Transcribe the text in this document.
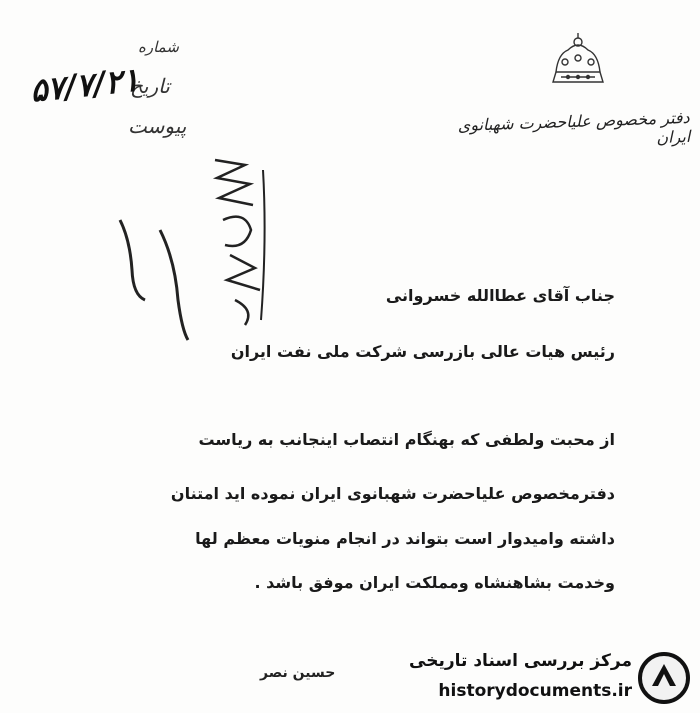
دفتر مخصوص علیاحضرت شهبانوی ایران
شماره
تاریخ
۵۷/۷/۲۱
پیوست
جناب آقای عطاالله خسروانی
رئیس هیات عالی بازرسی شرکت ملی نفت ایران
از محبت ولطفی که بهنگام انتصاب اینجانب به ریاست
دفترمخصوص علیاحضرت شهبانوی ایران نموده اید امتنان
داشته وامیدوار است بتواند در انجام منویات معظم لها
وخدمت بشاهنشاه ومملکت ایران موفق باشد .
حسین نصر
مرکز بررسی اسناد تاریخی
historydocuments.ir
